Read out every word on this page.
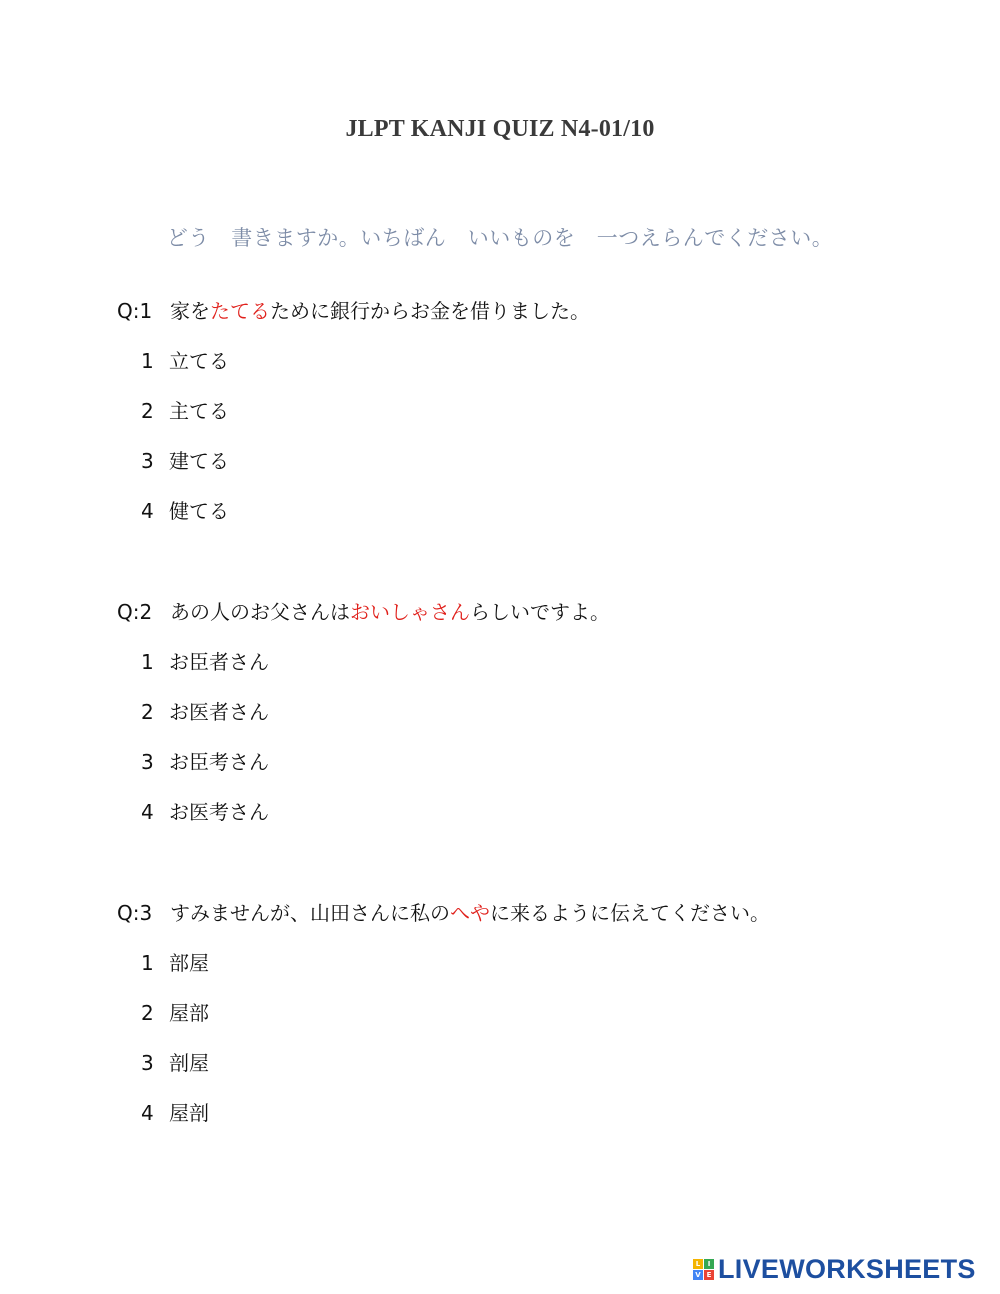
JLPT KANJI QUIZ N4-01/10
どう　書きますか。いちばん　いいものを　一つえらんでください。
Q:1 家をたてるために銀行からお金を借りました。
1 立てる
2 主てる
3 建てる
4 健てる
Q:2 あの人のお父さんはおいしゃさんらしいですよ。
1 お臣者さん
2 お医者さん
3 お臣考さん
4 お医考さん
Q:3 すみませんが、山田さんに私のへやに来るように伝えてください。
1 部屋
2 屋部
3 剖屋
4 屋剖
L	I
V E LIVEWORKSHEETS
